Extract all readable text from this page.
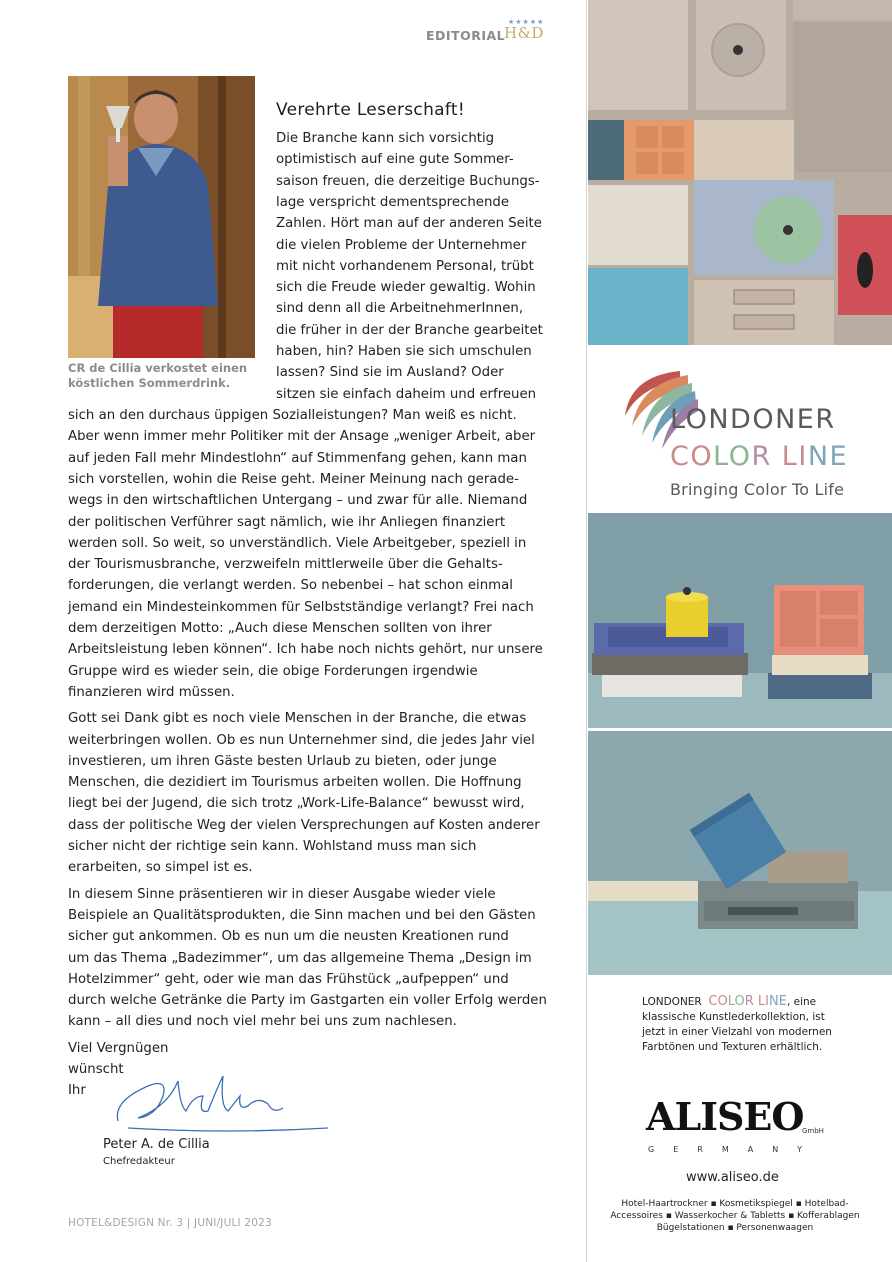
EDITORIAL
★★★★★
H&D
CR de Cillia verkostet einen
köstlichen Sommerdrink.
Verehrte Leserschaft!
Die Branche kann sich vorsichtig
optimistisch auf eine gute Sommer-
saison freuen, die derzeitige Buchungs-
lage verspricht dementsprechende
Zahlen. Hört man auf der anderen Seite
die vielen Probleme der Unternehmer
mit nicht vorhandenem Personal, trübt
sich die Freude wieder gewaltig. Wohin
sind denn all die ArbeitnehmerInnen,
die früher in der der Branche gearbeitet
haben, hin? Haben sie sich umschulen
lassen? Sind sie im Ausland? Oder
sitzen sie einfach daheim und erfreuen
sich an den durchaus üppigen Sozialleistungen? Man weiß es nicht.
Aber wenn immer mehr Politiker mit der Ansage „weniger Arbeit, aber
auf jeden Fall mehr Mindestlohn“ auf Stimmenfang gehen, kann man
sich vorstellen, wohin die Reise geht. Meiner Meinung nach gerade-
wegs in den wirtschaftlichen Untergang – und zwar für alle. Niemand
der politischen Verführer sagt nämlich, wie ihr Anliegen finanziert
werden soll. So weit, so unverständlich. Viele Arbeitgeber, speziell in
der Tourismusbranche, verzweifeln mittlerweile über die Gehalts-
forderungen, die verlangt werden. So nebenbei – hat schon einmal
jemand ein Mindesteinkommen für Selbstständige verlangt? Frei nach
dem derzeitigen Motto: „Auch diese Menschen sollten von ihrer
Arbeitsleistung leben können“. Ich habe noch nichts gehört, nur unsere
Gruppe wird es wieder sein, die obige Forderungen irgendwie
finanzieren wird müssen.
Gott sei Dank gibt es noch viele Menschen in der Branche, die etwas
weiterbringen wollen. Ob es nun Unternehmer sind, die jedes Jahr viel
investieren, um ihren Gäste besten Urlaub zu bieten, oder junge
Menschen, die dezidiert im Tourismus arbeiten wollen. Die Hoffnung
liegt bei der Jugend, die sich trotz „Work-Life-Balance“ bewusst wird,
dass der politische Weg der vielen Versprechungen auf Kosten anderer
sicher nicht der richtige sein kann. Wohlstand muss man sich
erarbeiten, so simpel ist es.
In diesem Sinne präsentieren wir in dieser Ausgabe wieder viele
Beispiele an Qualitätsprodukten, die Sinn machen und bei den Gästen
sicher gut ankommen. Ob es nun um die neusten Kreationen rund
um das Thema „Badezimmer“, um das allgemeine Thema „Design im
Hotelzimmer“ geht, oder wie man das Frühstück „aufpeppen“ und
durch welche Getränke die Party im Gastgarten ein voller Erfolg werden
kann – all dies und noch viel mehr bei uns zum nachlesen.
Viel Vergnügen
wünscht
Ihr
Peter A. de Cillia
Chefredakteur
HOTEL&DESIGN Nr. 3 | JUNI/JULI 2023
LONDONER
COLOR LINE
Bringing Color To Life
LONDONER COLOR LINE, eine
klassische Kunstlederkollektion, ist
jetzt in einer Vielzahl von modernen
Farbtönen und Texturen erhältlich.
ALISEO
GmbH
GERMANY
www.aliseo.de
Hotel-Haartrockner ▪ Kosmetikspiegel ▪ Hotelbad-
Accessoires ▪ Wasserkocher & Tabletts ▪ Kofferablagen
Bügelstationen ▪ Personenwaagen
